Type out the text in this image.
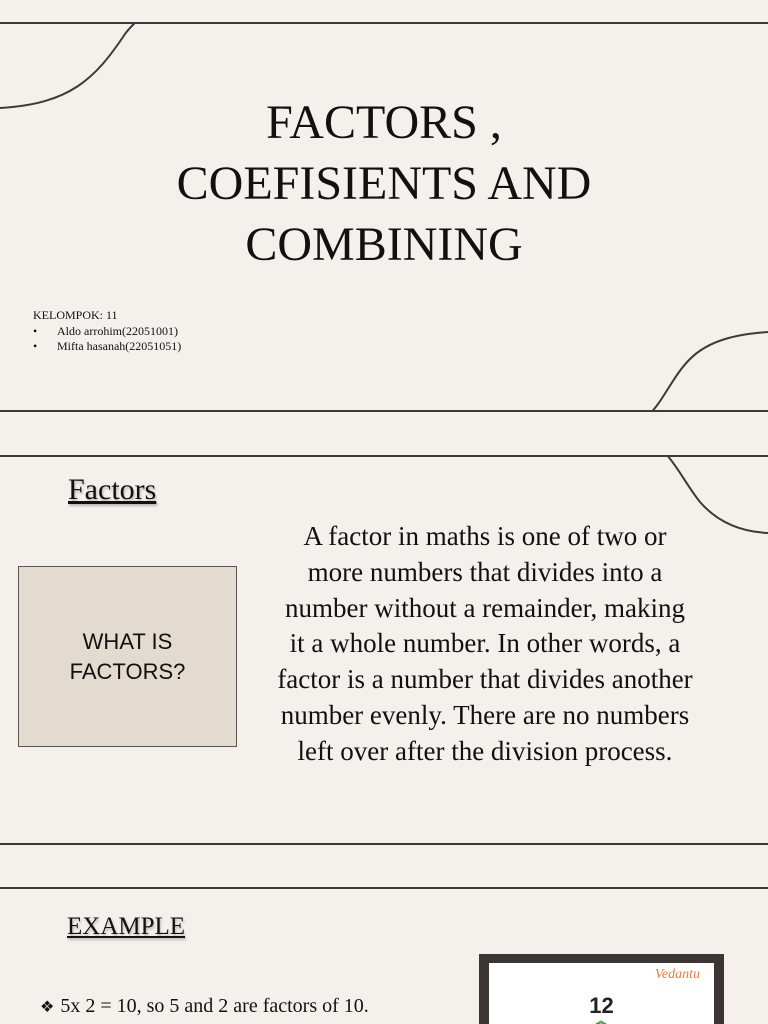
FACTORS ,
COEFISIENTS AND
COMBINING
KELOMPOK: 11
• Aldo arrohim(22051001)
• Mifta hasanah(22051051)
Factors
WHAT IS FACTORS?

A factor in maths is one of two or more numbers that divides into a number without a remainder, making it a whole number. In other words, a factor is a number that divides another number evenly. There are no numbers left over after the division process.

EXAMPLE
❖ 5x 2 = 10, so 5 and 2 are factors of 10.
Vedantu
12
